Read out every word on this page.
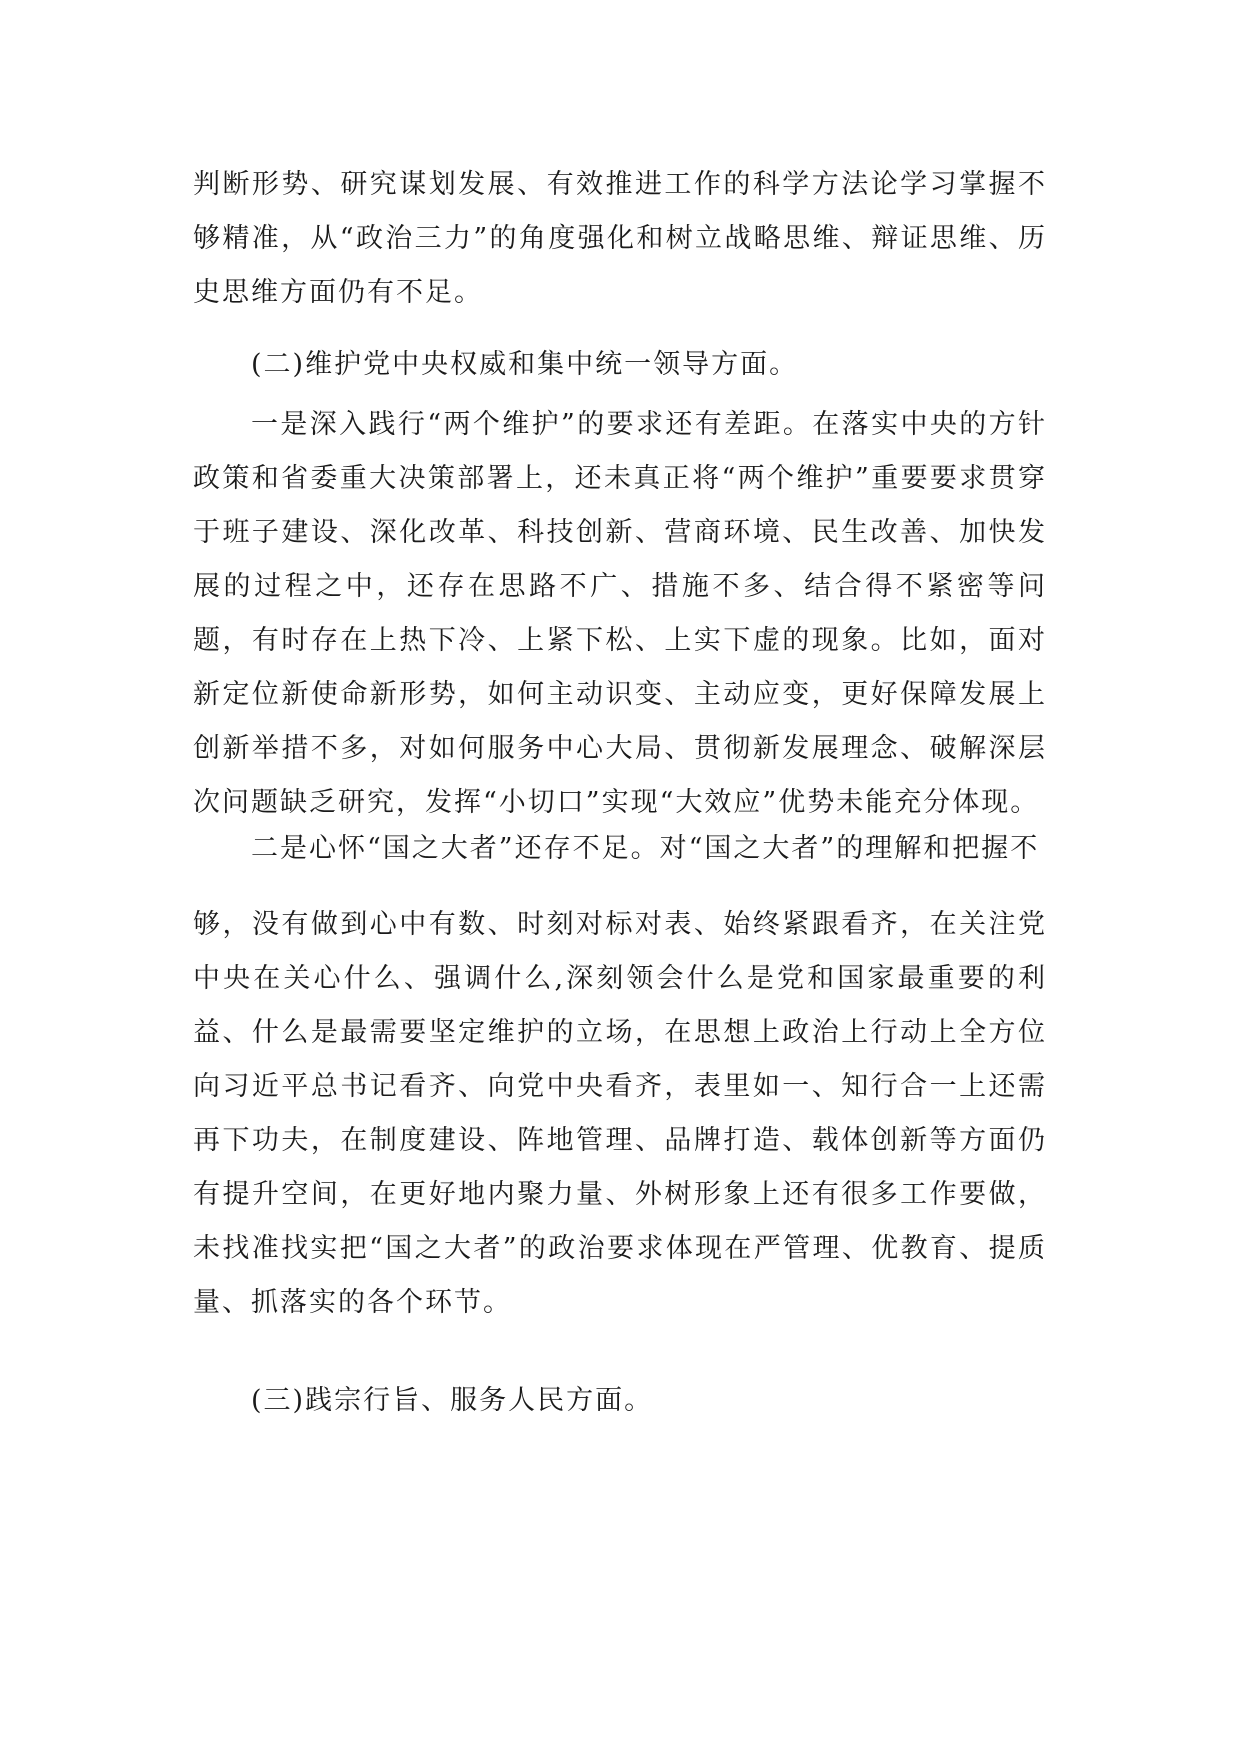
判断形势、研究谋划发展、有效推进工作的科学方法论学习掌握不够精准，从“政治三力”的角度强化和树立战略思维、辩证思维、历史思维方面仍有不足。

(二)维护党中央权威和集中统一领导方面。

一是深入践行“两个维护”的要求还有差距。在落实中央的方针政策和省委重大决策部署上，还未真正将“两个维护”重要要求贯穿于班子建设、深化改革、科技创新、营商环境、民生改善、加快发展的过程之中，还存在思路不广、措施不多、结合得不紧密等问题，有时存在上热下冷、上紧下松、上实下虚的现象。比如，面对新定位新使命新形势，如何主动识变、主动应变，更好保障发展上创新举措不多，对如何服务中心大局、贯彻新发展理念、破解深层次问题缺乏研究，发挥“小切口”实现“大效应”优势未能充分体现。

二是心怀“国之大者”还存不足。对“国之大者”的理解和把握不

够，没有做到心中有数、时刻对标对表、始终紧跟看齐，在关注党中央在关心什么、强调什么,深刻领会什么是党和国家最重要的利益、什么是最需要坚定维护的立场，在思想上政治上行动上全方位向习近平总书记看齐、向党中央看齐，表里如一、知行合一上还需再下功夫，在制度建设、阵地管理、品牌打造、载体创新等方面仍有提升空间，在更好地内聚力量、外树形象上还有很多工作要做，未找准找实把“国之大者”的政治要求体现在严管理、优教育、提质量、抓落实的各个环节。

(三)践宗行旨、服务人民方面。
